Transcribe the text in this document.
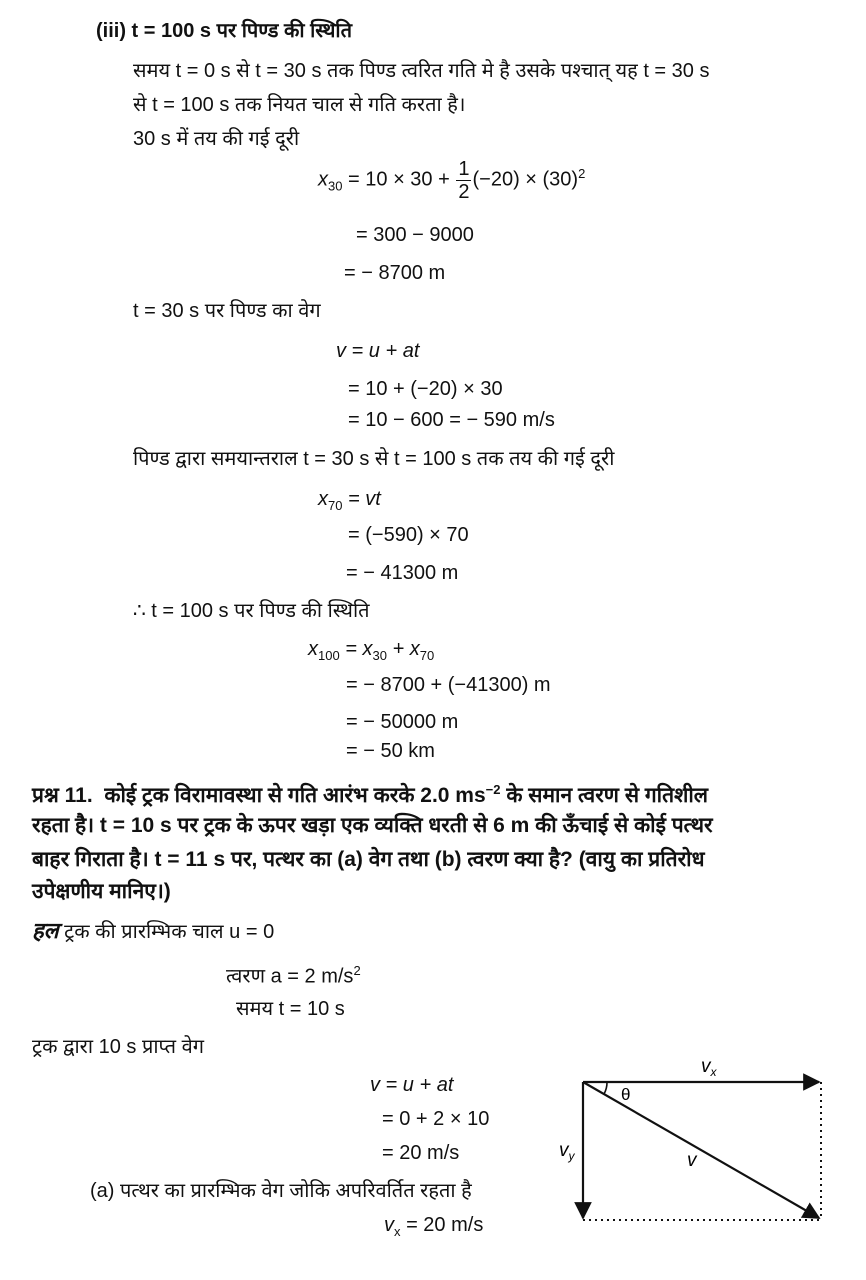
(iii) t = 100 s पर पिण्ड की स्थिति
समय t = 0 s से t = 30 s तक पिण्ड त्वरित गति मे है उसके पश्चात् यह t = 30 s
से t = 100 s तक नियत चाल से गति करता है।
30 s में तय की गई दूरी
$x_{30} = 10 \times 30 + \frac{1}{2} (-20) \times (30)^2$
= 300 − 9000
= − 8700 m
t = 30 s पर पिण्ड का वेग
v = u + at
= 10 + (−20) × 30
= 10 − 600 = − 590 m/s
पिण्ड द्वारा समयान्तराल t = 30 s से t = 100 s तक तय की गई दूरी
$x_{70}$ = vt
= (−590) × 70
= − 41300 m
∴ t = 100 s पर पिण्ड की स्थिति
$x_{100} = x_{30} + x_{70}$
= − 8700 + (−41300) m
= − 50000 m
= − 50 km
प्रश्न 11. कोई ट्रक विरामावस्था से गति आरंभ करके 2.0 $ms^{-2}$ के समान त्वरण से गतिशील
रहता है। t = 10 s पर ट्रक के ऊपर खड़ा एक व्यक्ति धरती से 6 m की ऊँचाई से कोई पत्थर
बाहर गिराता है। t = 11 s पर, पत्थर का (a) वेग तथा (b) त्वरण क्या है? (वायु का प्रतिरोध
उपेक्षणीय मानिए।)
हल ट्रक की प्रारम्भिक चाल u = 0
त्वरण a = 2 $m/s^2$
समय t = 10 s
ट्रक द्वारा 10 s प्राप्त वेग
v = u + at
= 0 + 2 × 10
= 20 m/s
(a) पत्थर का प्रारम्भिक वेग जोकि अपरिवर्तित रहता है
$v_x = 20$ m/s
$v_x$
$v_y$	v
θ
